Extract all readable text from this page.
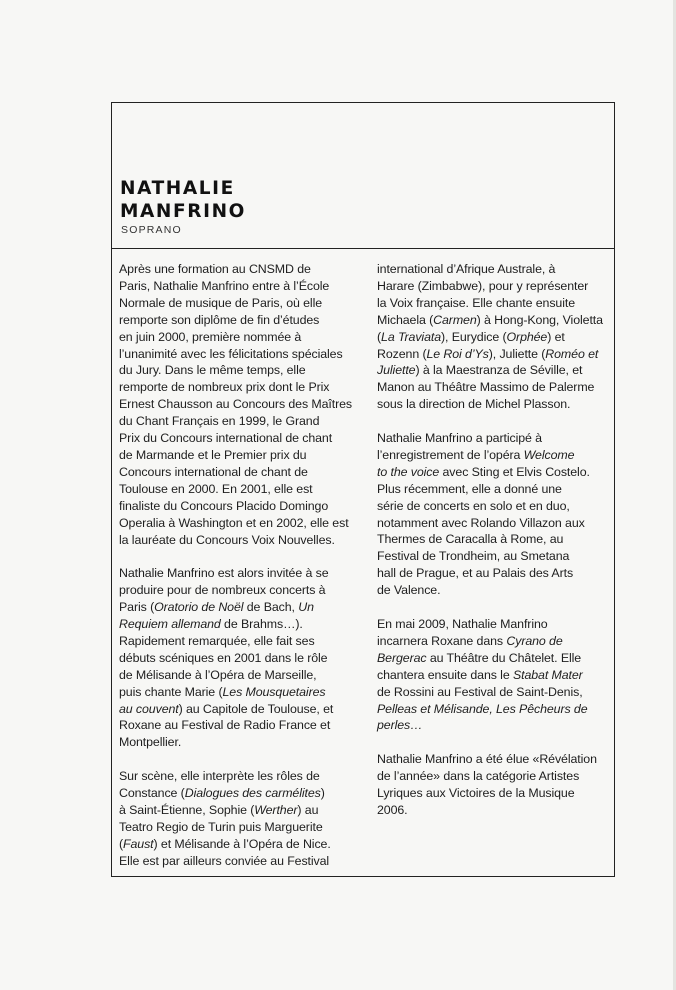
NATHALIE
MANFRINO
SOPRANO

Après une formation au CNSMD de
Paris, Nathalie Manfrino entre à l’École
Normale de musique de Paris, où elle
remporte son diplôme de fin d’études
en juin 2000, première nommée à
l’unanimité avec les félicitations spéciales
du Jury. Dans le même temps, elle
remporte de nombreux prix dont le Prix
Ernest Chausson au Concours des Maîtres
du Chant Français en 1999, le Grand
Prix du Concours international de chant
de Marmande et le Premier prix du
Concours international de chant de
Toulouse en 2000. En 2001, elle est
finaliste du Concours Placido Domingo
Operalia à Washington et en 2002, elle est
la lauréate du Concours Voix Nouvelles.

Nathalie Manfrino est alors invitée à se
produire pour de nombreux concerts à
Paris (Oratorio de Noël de Bach, Un
Requiem allemand de Brahms…).
Rapidement remarquée, elle fait ses
débuts scéniques en 2001 dans le rôle
de Mélisande à l’Opéra de Marseille,
puis chante Marie (Les Mousquetaires
au couvent) au Capitole de Toulouse, et
Roxane au Festival de Radio France et
Montpellier.

Sur scène, elle interprète les rôles de
Constance (Dialogues des carmélites)
à Saint-Étienne, Sophie (Werther) au
Teatro Regio de Turin puis Marguerite
(Faust) et Mélisande à l’Opéra de Nice.
Elle est par ailleurs conviée au Festival

international d’Afrique Australe, à
Harare (Zimbabwe), pour y représenter
la Voix française. Elle chante ensuite
Michaela (Carmen) à Hong-Kong, Violetta
(La Traviata), Eurydice (Orphée) et
Rozenn (Le Roi d’Ys), Juliette (Roméo et
Juliette) à la Maestranza de Séville, et
Manon au Théâtre Massimo de Palerme
sous la direction de Michel Plasson.

Nathalie Manfrino a participé à
l’enregistrement de l’opéra Welcome
to the voice avec Sting et Elvis Costelo.
Plus récemment, elle a donné une
série de concerts en solo et en duo,
notamment avec Rolando Villazon aux
Thermes de Caracalla à Rome, au
Festival de Trondheim, au Smetana
hall de Prague, et au Palais des Arts
de Valence.

En mai 2009, Nathalie Manfrino
incarnera Roxane dans Cyrano de
Bergerac au Théâtre du Châtelet. Elle
chantera ensuite dans le Stabat Mater
de Rossini au Festival de Saint-Denis,
Pelleas et Mélisande, Les Pêcheurs de
perles…

Nathalie Manfrino a été élue «Révélation
de l’année» dans la catégorie Artistes
Lyriques aux Victoires de la Musique
2006.
